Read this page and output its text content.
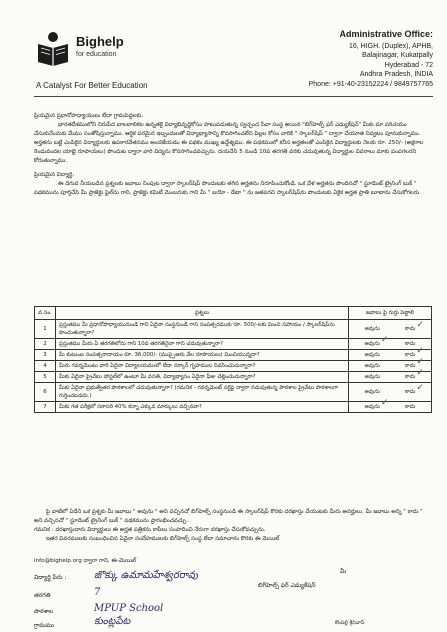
Bighelp
for education
A Catalyst For Better Education
Administrative Office:
16, HIGH. (Duplex), APHB,
Balajinagar, Kukatpally
Hyderabad - 72
Andhra Pradesh, INDIA
Phone: +91-40-23152224 / 9849757765

ప్రియమైన ప్రధానోపాధ్యాయులు లేదా గ్రామపెద్దలకు,

భారతదేశములోని నిరుపేద బాలబాలికల ఉన్నతకై విద్యాభివృద్ధికోసం పాటుపడుతున్న స్వచ్ఛంద సేవా సంస్థ అయిన "బిగ్‌హెల్ప్ ఫర్ ఎడ్యుకేషన్" మీకు మా పరిచయం చేసుకునేందుకు మేము సంతోషిస్తున్నాము. ఆర్థిక పరమైన ఇబ్బందులతో విద్యాభ్యాసాన్ని కొనసాగించలేని పిల్లల కోసం వారికి " స్కాలర్‌షిప్ " ద్వారా చేయూత నివ్వటం పూనుకున్నాము. అర్హతను బట్టి ఎంపికైన విద్యార్థులకు ఉపకారవేతనము అందజేయడం ఈ పథకం ముఖ్య ఉద్దేశ్యము. ఈ పథకములో కనీస అర్హతలతో ఎంపికైన విద్యార్థులకు నెలకు రూ. 250/- (అక్షరాల రెండువందల యాభై రూపాయలు) పొందుట ద్వారా వారి విద్యను కొనసాగించవచ్చును. దయచేసి 5 నుండి 10వ తరగతి వరకు చదువుతున్న విద్యార్థుల వివరాలు మాకు పంపగలరని కోరుతున్నాము.

ప్రియమైన విద్యార్థి,

ఈ దిగువ నీయబడిన ప్రశ్నలకు జవాబు నింపుట ద్వారా స్కాలర్‌షిప్ పొందుటకు తగిన అర్హతను నిరూపించుకోండి. ఒక వేళ అర్హతను పొందినచో " స్టూడెంట్ ట్రైనింగ్ బుక్ " పథకమును పూర్తిచేసి మీ ప్రాజెక్టు ఫైల్‌ను గాని, ప్రాజెక్టు కమిటీ మెంబరుకు గాని మీ " బయో - డేటా " ను జతపరచి స్కాలర్‌షిప్‌ను పొందుటకు ఏకైక అర్హత ప్రాతి బూటాను చేసుకోగలరు.

వ.సం.	ప్రశ్నలు	జవాబు పై గుర్తు పెట్టాలి
1	ప్రస్తుతము మీ ప్రధానోపాధ్యాయునుండి గాని ఏదైనా సంస్థనుండి గాని సంపత్సరముకు రూ. 500/-లకు మించి సహాయం / స్కాలర్‌షిప్‌ను పొందుతున్నారా?	అవును కాదు ✓

2	ప్రస్తుతము మీరు ఏ తరగతిలోను గాని 10వ తరగతినైనా గాని చదువుతున్నారా?	అవును ✓ కాదు

3	మీ కుటుంబ సంపత్సరాదాయం రూ. 36,000/- (ముప్పైఆరు వేల రూపాయలు) మించియున్నదా?	అవును కాదు ✓

4	మీరు గవర్నమెంటు వారి ఏదైనా విద్యాలయములో లేదా సర్కార్ గృహముల నివసించుచున్నారా?	అవును కాదు ✓

5	మీకు ఏదైనా ప్రైవేటు హాస్టల్‌లో ఉంటూ మీ వసతి, విద్యాభ్యాసం ఏదైనా ఫీజు చెల్లించుచున్నారా?	అవును కాదు ✓

6	మీకు ఏదైనా ప్రభుత్వేతర పాఠశాలలో చదువుతున్నారా? (గమనిక - గవర్నమెంట్ సర్టిఫై ద్వారా నడుపుతున్న పాఠశాల ప్రైవేటు పాఠశాలగా గుర్తించబడదు.)	అవును కాదు ✓

7	మీకు గత పరీక్షలో సరాసరి 40% కన్నా ఎక్కువ మార్కులు వచ్చినవా?	అవును ✓ కాదు

పై వాటిలో ఏదేని ఒక ప్రశ్నకు మీ జవాబు " అవును " అని వచ్చినచో బిగ్‌హెల్ప్ సంస్థనుండి ఈ స్కాలర్‌షిప్ కొరకు దరఖాస్తు చేయుటకు మీరు అనర్హులు. మీ జవాబు అన్ని " కాదు " అని వచ్చినచో " స్టూడెంట్ ట్రైనింగ్ బుక్ " పథకమును ప్రారంభించవచ్చు.

గమనిక : దరఖాస్తుదారు విద్యార్థులు ఈ అర్హత పత్రికను కాపీలు సంపాదించి నేరుగా దరఖాస్తు చేసుకోవచ్చును.

ఇతర వివరములకు సంబంధించిన ఏవైనా సందేహములకు బిగ్‌హెల్ప్ సంస్థ లేదా సమాచారం కొరకు ఈ మెయిల్

info@bighelp.org ద్వారా గాని, ఈ-మెయిల్
విద్యార్థి పేరు :	జొక్కు ఉమామహేశ్వరరావు	మీ
బిగ్‌హెల్ప్ ఫర్ ఎడ్యుకేషన్
తరగతి	7
పాఠశాల	MPUP School
గ్రామము	కుంట్లపేట	కొంపల్లి శ్రీనివాస్
